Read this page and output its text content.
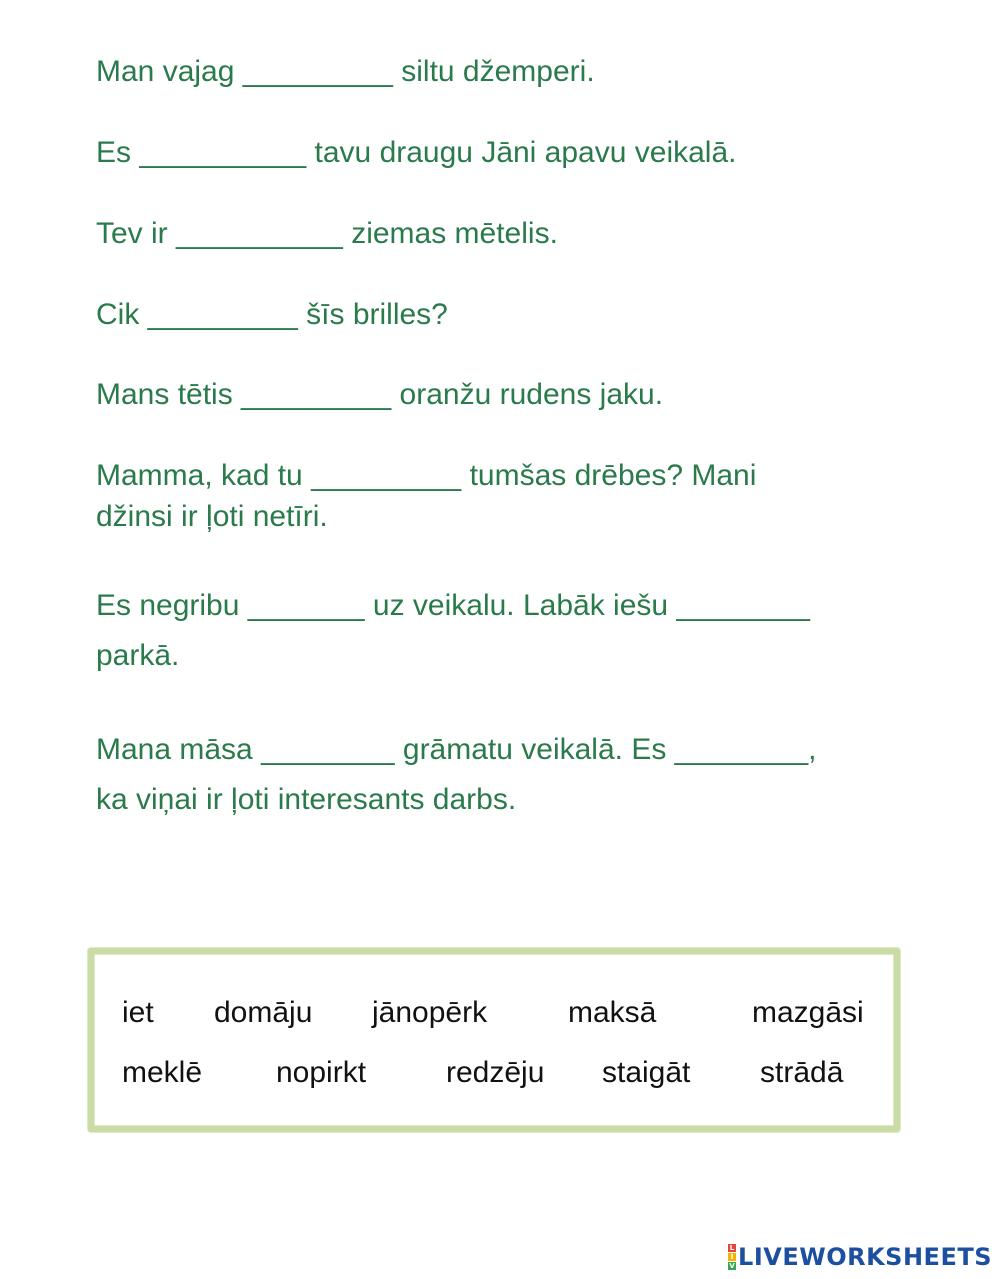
Man vajag _________ siltu džemperi.

Es __________ tavu draugu Jāni apavu veikalā.

Tev ir __________ ziemas mētelis.

Cik _________ šīs brilles?

Mans tētis _________ oranžu rudens jaku.

Mamma, kad tu _________ tumšas drēbes? Mani

džinsi ir ļoti netīri.

Es negribu _______ uz veikalu. Labāk iešu ________

parkā.

Mana māsa ________ grāmatu veikalā. Es ________,

ka viņai ir ļoti interesants darbs.

iet domāju jānopērk	maksā	mazgāsi
meklē nopirkt	redzēju staigāt strādā
L
I
V LIVEWORKSHEETS
